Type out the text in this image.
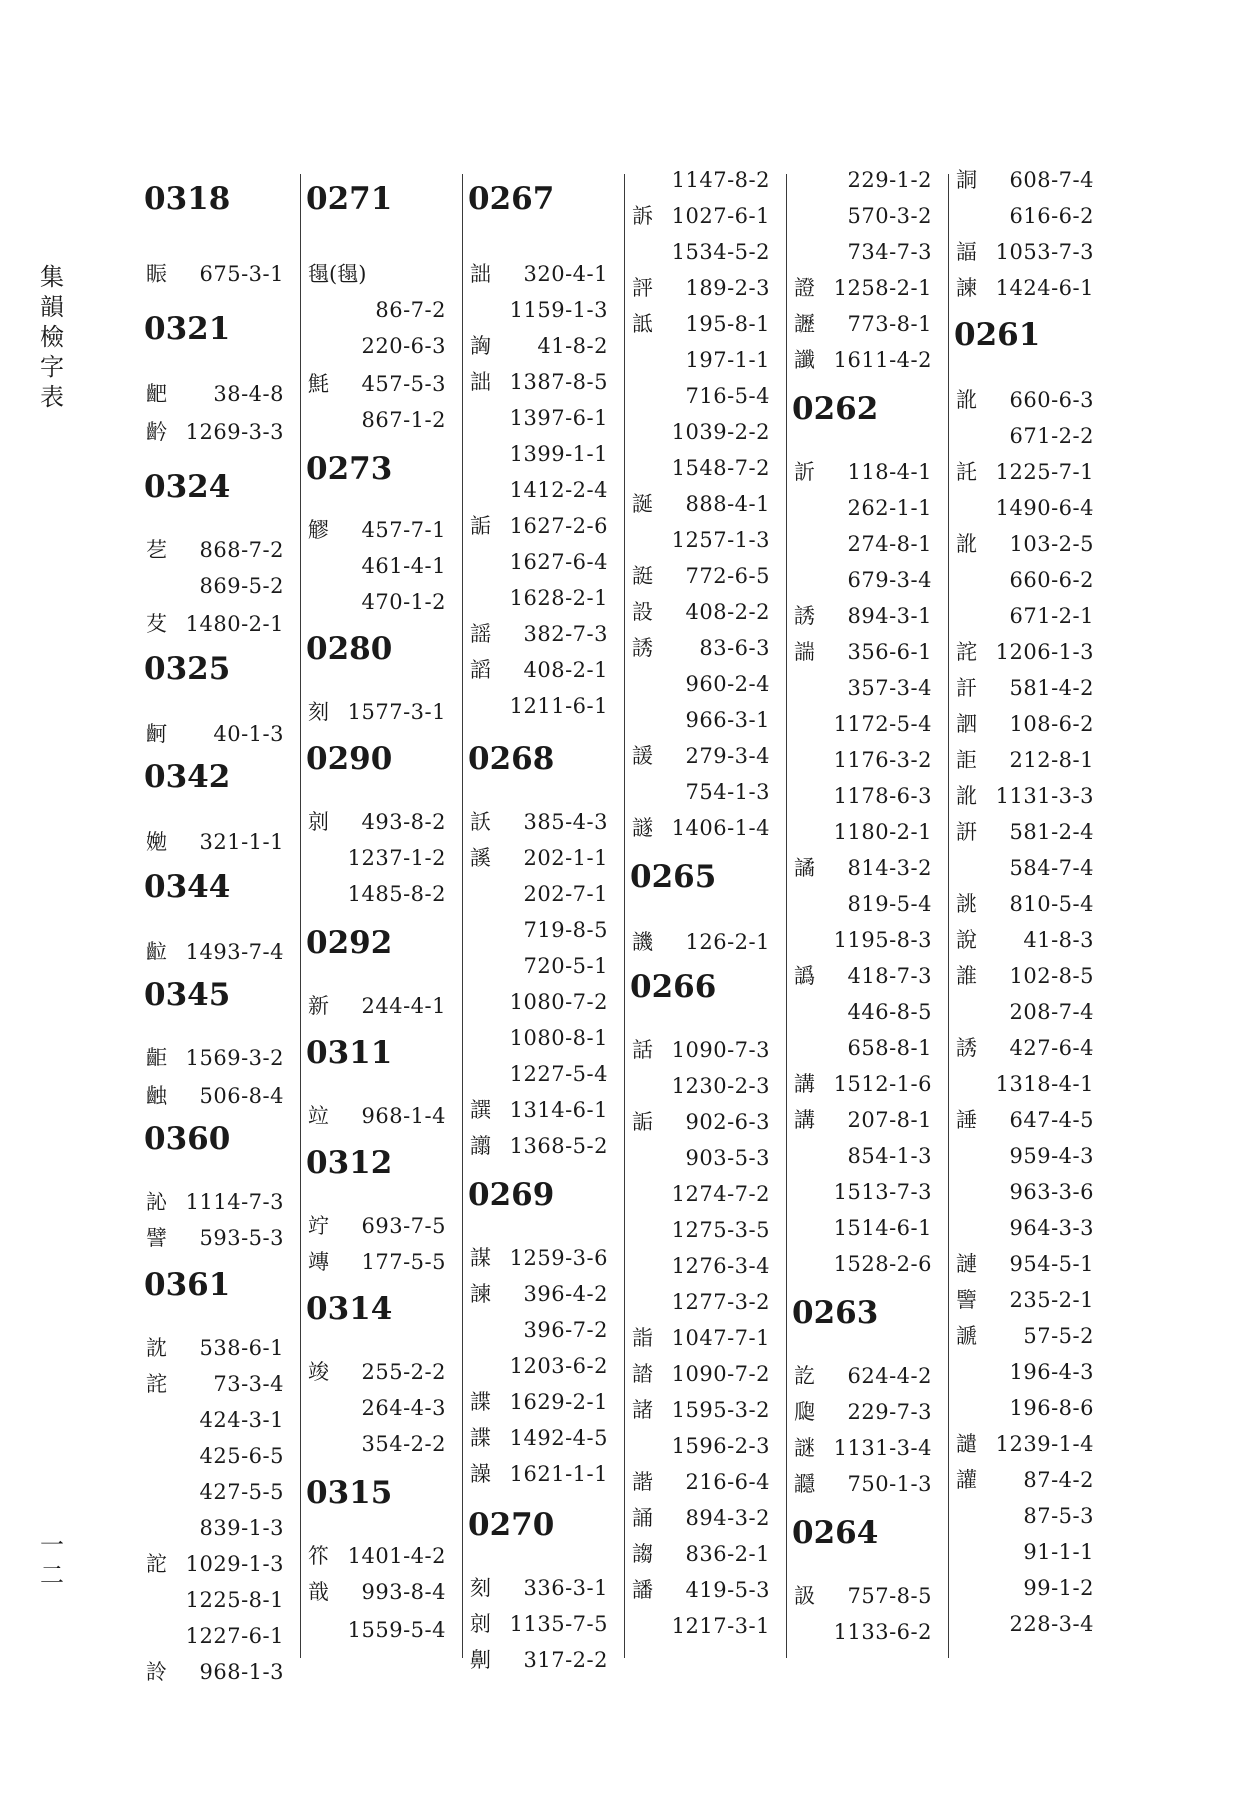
集韻檢字表
一二
0318
䀼 675-3-1
0321
䶕 38-4-8
䶖 1269-3-3
0324
䒗 868-7-2
869-5-2
䒘 1480-2-1
0325
䶗 40-1-3
0342
㛯 321-1-1
0344
䶘 1493-7-4
0345
䶙 1569-3-2
䶚 506-8-4
0360
訫 1114-7-3
譬 593-5-3
0361
訦 538-6-1
詫 73-3-4
424-3-1
425-6-5
427-5-5
839-1-3
詑 1029-1-3
1225-8-1
1227-6-1
詅 968-1-3
0271
㲩(㲩)
86-7-2
220-6-3
㲬 457-5-3
867-1-2
0273
䚧 457-7-1
461-4-1
470-1-2
0280
刻 1577-3-1
0290
剠 493-8-2
1237-1-2
1485-8-2
0292
新 244-4-1
0311
竝 968-1-4
0312
竚 693-7-5
竱 177-5-5
0314
竣 255-2-2
264-4-3
354-2-2
0315
䇚 1401-4-2
戠 993-8-4
1559-5-4
0267
詘 320-4-1
1159-1-3
詾 41-8-2
詘 1387-8-5
1397-6-1
1399-1-1
1412-2-4
詬 1627-2-6
1627-6-4
1628-2-1
謡 382-7-3
謟 408-2-1
1211-6-1
0268
訞 385-4-3
謑 202-1-1
202-7-1
719-8-5
720-5-1
1080-7-2
1080-8-1
1227-5-4
譔 1314-6-1
譾 1368-5-2
0269
謀 1259-3-6
諫 396-4-2
396-7-2
1203-6-2
諜 1629-2-1
諜 1492-4-5
譟 1621-1-1
0270
刻 336-3-1
剠 1135-7-5
劓 317-2-2
1147-8-2
訴 1027-6-1
1534-5-2
評 189-2-3
詆 195-8-1
197-1-1
716-5-4
1039-2-2
1548-7-2
誕 888-4-1
1257-1-3
誔 772-6-5
設 408-2-2
誘 83-6-3
960-2-4
966-3-1
諼 279-3-4
754-1-3
譢 1406-1-4
0265
譏 126-2-1
0266
話 1090-7-3
1230-2-3
詬 902-6-3
903-5-3
1274-7-2
1275-3-5
1276-3-4
1277-3-2
詣 1047-7-1
誻 1090-7-2
諸 1595-3-2
1596-2-3
諧 216-6-4
誦 894-3-2
謅 836-2-1
譒 419-5-3
1217-3-1
229-1-2
570-3-2
734-7-3
證 1258-2-1
讈 773-8-1
讖 1611-4-2
0262
訢 118-4-1
262-1-1
274-8-1
679-3-4
誘 894-3-1
諯 356-6-1
357-3-4
1172-5-4
1176-3-2
1178-6-3
1180-2-1
譎 814-3-2
819-5-4
1195-8-3
譌 418-7-3
446-8-5
658-8-1
講 1512-1-6
講 207-8-1
854-1-3
1513-7-3
1514-6-1
1528-2-6
0263
訖 624-4-2
瓟 229-7-3
謎 1131-3-4
讔 750-1-3
0264
訯 757-8-5
1133-6-2
詷 608-7-4
616-6-2
諨 1053-7-3
諫 1424-6-1
0261
訛 660-6-3
671-2-2
託 1225-7-1
1490-6-4
訛 103-2-5
660-6-2
671-2-1
詫 1206-1-3
訐 581-4-2
訵 108-6-2
詎 212-8-1
訛 1131-3-3
詽 581-2-4
584-7-4
誂 810-5-4
說 41-8-3
誰 102-8-5
208-7-4
誘 427-6-4
1318-4-1
諈 647-4-5
959-4-3
963-3-6
964-3-3
謰 954-5-1
譼 235-2-1
謕 57-5-2
196-4-3
196-8-6
譴 1239-1-4
讙 87-4-2
87-5-3
91-1-1
99-1-2
228-3-4
